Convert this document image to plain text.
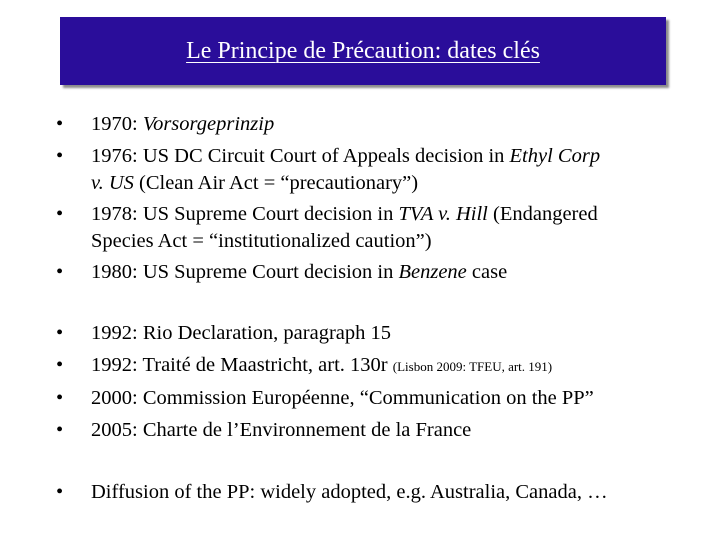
Le Principe de Précaution: dates clés
• 1970: Vorsorgeprinzip
• 1976: US DC Circuit Court of Appeals decision in Ethyl Corp
v. US (Clean Air Act = “precautionary”)
• 1978: US Supreme Court decision in TVA v. Hill (Endangered
Species Act = “institutionalized caution”)
• 1980: US Supreme Court decision in Benzene case
• 1992: Rio Declaration, paragraph 15
• 1992: Traité de Maastricht, art. 130r (Lisbon 2009: TFEU, art. 191)
• 2000: Commission Européenne, “Communication on the PP”
• 2005: Charte de l’Environnement de la France
• Diffusion of the PP: widely adopted, e.g. Australia, Canada, …
